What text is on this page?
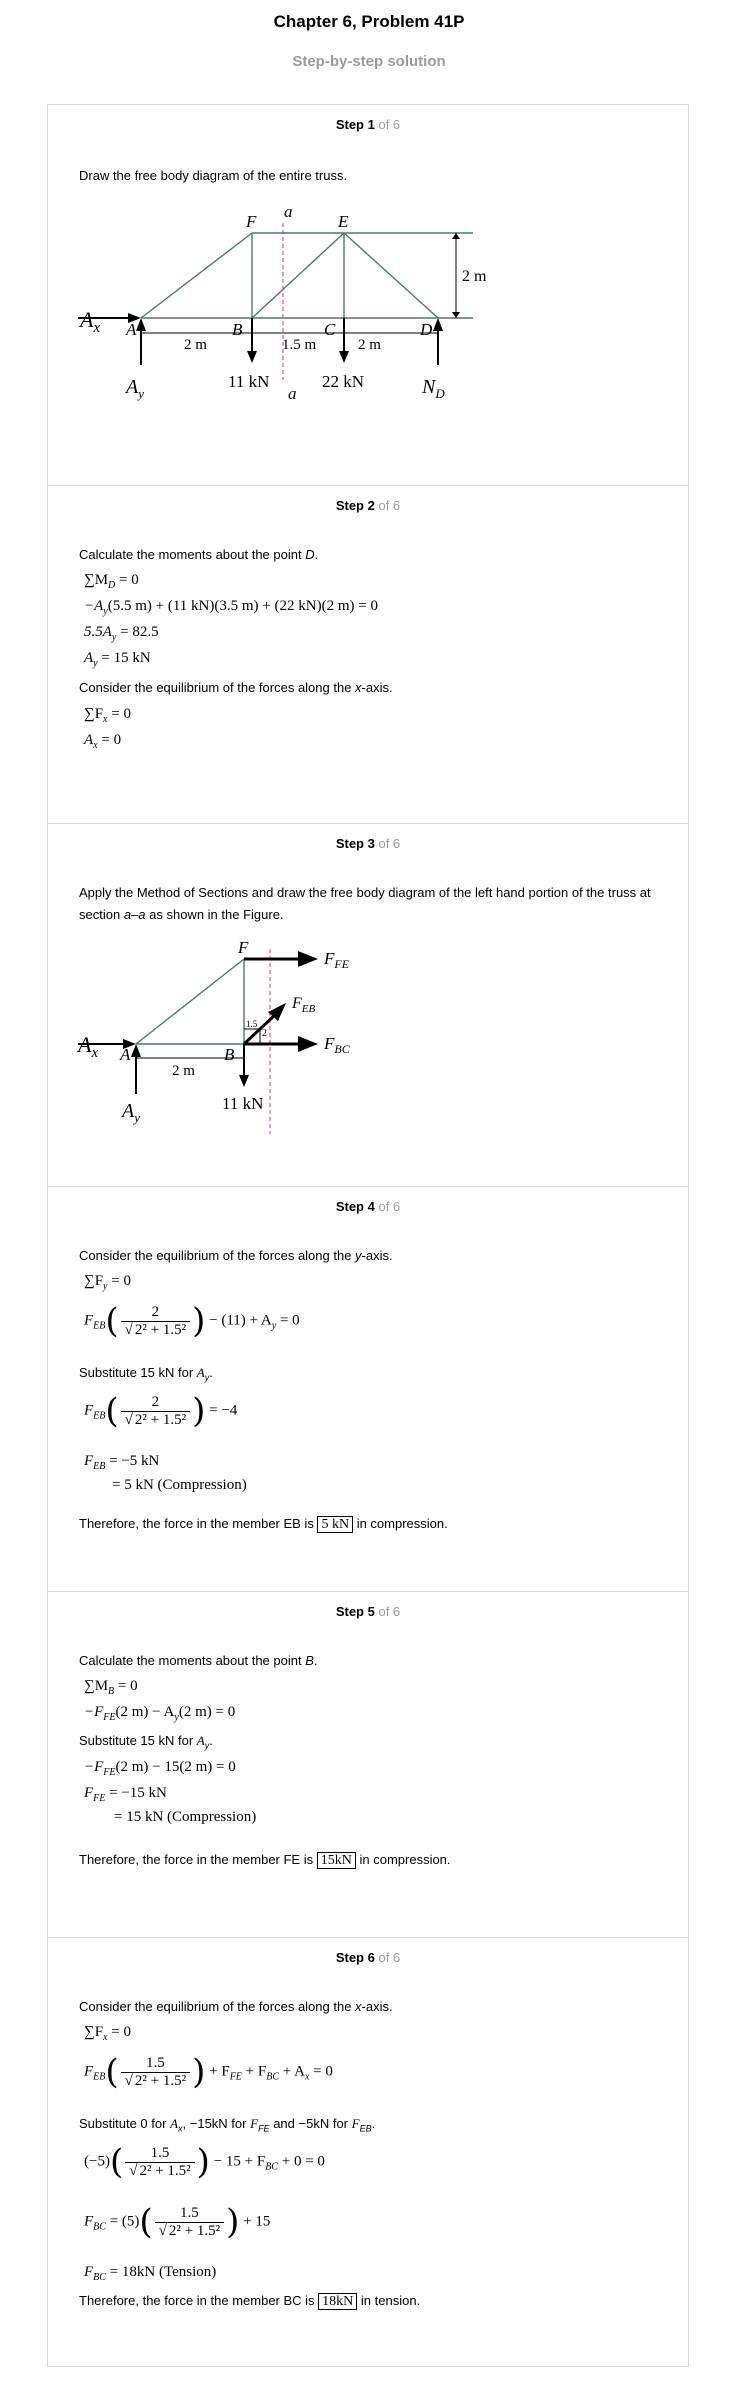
Chapter 6, Problem 41P
Step-by-step solution
Step 1 of 6
Draw the free body diagram of the entire truss.
F
a
E
2 m
$A_x$ A	B	C	D
2 m	1.5 m	2 m
$A_y$
11 kN
a
22 kN	$N_D$
Step 2 of 6
Calculate the moments about the point D.
$\sum M_D = 0$
$-A_y(5.5$ m) + (11 kN)(3.5 m) + (22 kN)(2 m) = 0
$5.5A_y = 82.5$
$A_y = 15$ kN
Consider the equilibrium of the forces along the x-axis.
$\sum F_x = 0$
$A_x = 0$
Step 3 of 6
Apply the Method of Sections and draw the free body diagram of the left hand portion of the truss at section a–a as shown in the Figure.
F
$F_{FE}$
$F_{EB}$
2
1.5
$F_{BC}$
$A_x$ A	B
2 m
$A_y$
11 kN
Step 4 of 6
Consider the equilibrium of the forces along the y-axis.
$\sum F_y = 0$
$F_{EB}( \frac{2}{\text{√ 2² + 1.5²}}$ ) − $(11) + A_y = 0$
Substitute 15 kN for $A_y$.
$F_{EB}( \frac{2}{\text{√ 2² + 1.5²}}$ ) = −4
$F_{EB} = -5$ kN
= 5 kN (Compression)
Therefore, the force in the member EB is 5 kN in compression.
Step 5 of 6
Calculate the moments about the point B.
$\sum M_B = 0$
$-F_{FE}(2$ $m) - A_y(2$ m) = 0
Substitute 15 kN for $A_y$.
$-F_{FE}(2$ m) − 15(2 m) = 0
$F_{FE} = -15$ kN
= 15 kN (Compression)
Therefore, the force in the member FE is 15kN in compression.
Step 6 of 6
Consider the equilibrium of the forces along the x-axis.
$\sum F_x = 0$
$F_{EB}( \frac{1.5}{\text{√ 2² + 1.5²}}$ ) + $F_{FE} + F_{BC} + A_x = 0$
Substitute 0 for $A_x$, −15kN for $F_{FE}$ and −5kN for $F_{EB}$.
$(-5)( \frac{1.5}{\text{√ 2² + 1.5²}}$ ) − $15 + F_{BC} + 0 = 0$
$F_{BC} = (5)( \frac{1.5}{\text{√ 2² + 1.5²}}$ ) + 15
$F_{BC} = 18kN$ (Tension)
Therefore, the force in the member BC is 18kN in tension.
